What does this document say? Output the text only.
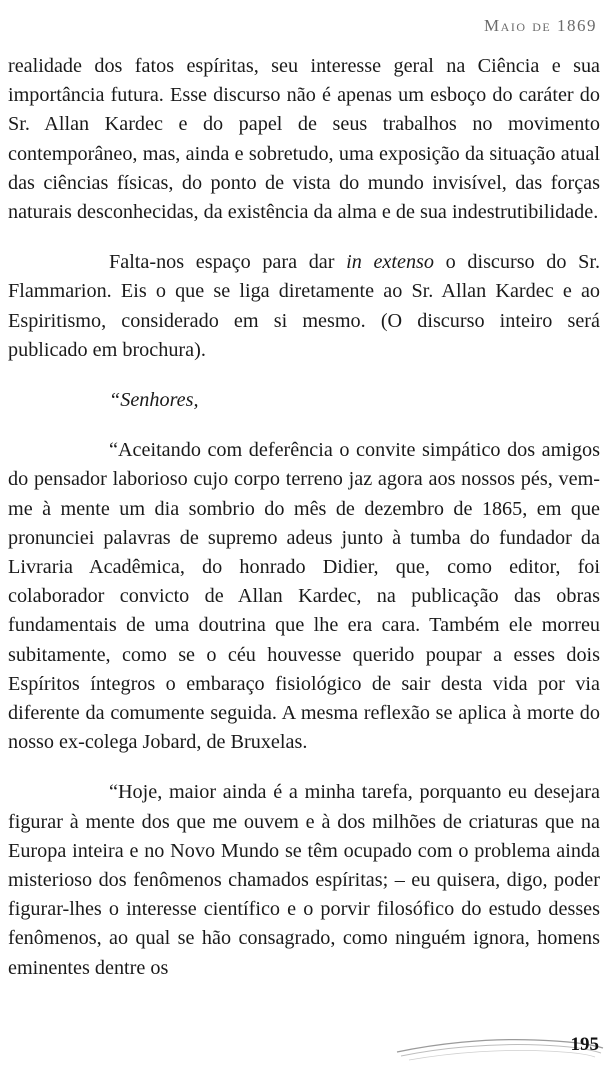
Maio de 1869

realidade dos fatos espíritas, seu interesse geral na Ciência e sua importância futura. Esse discurso não é apenas um esboço do caráter do Sr. Allan Kardec e do papel de seus trabalhos no movimento contemporâneo, mas, ainda e sobretudo, uma exposição da situação atual das ciências físicas, do ponto de vista do mundo invisível, das forças naturais desconhecidas, da existência da alma e de sua indestrutibilidade.

Falta-nos espaço para dar in extenso o discurso do Sr. Flammarion. Eis o que se liga diretamente ao Sr. Allan Kardec e ao Espiritismo, considerado em si mesmo. (O discurso inteiro será publicado em brochura).

“Senhores,

“Aceitando com deferência o convite simpático dos amigos do pensador laborioso cujo corpo terreno jaz agora aos nossos pés, vem-me à mente um dia sombrio do mês de dezembro de 1865, em que pronunciei palavras de supremo adeus junto à tumba do fundador da Livraria Acadêmica, do honrado Didier, que, como editor, foi colaborador convicto de Allan Kardec, na publicação das obras fundamentais de uma doutrina que lhe era cara. Também ele morreu subitamente, como se o céu houvesse querido poupar a esses dois Espíritos íntegros o embaraço fisiológico de sair desta vida por via diferente da comumente seguida. A mesma reflexão se aplica à morte do nosso ex-colega Jobard, de Bruxelas.

“Hoje, maior ainda é a minha tarefa, porquanto eu desejara figurar à mente dos que me ouvem e à dos milhões de criaturas que na Europa inteira e no Novo Mundo se têm ocupado com o problema ainda misterioso dos fenômenos chamados espíritas; – eu quisera, digo, poder figurar-lhes o interesse científico e o porvir filosófico do estudo desses fenômenos, ao qual se hão consagrado, como ninguém ignora, homens eminentes dentre os

195
